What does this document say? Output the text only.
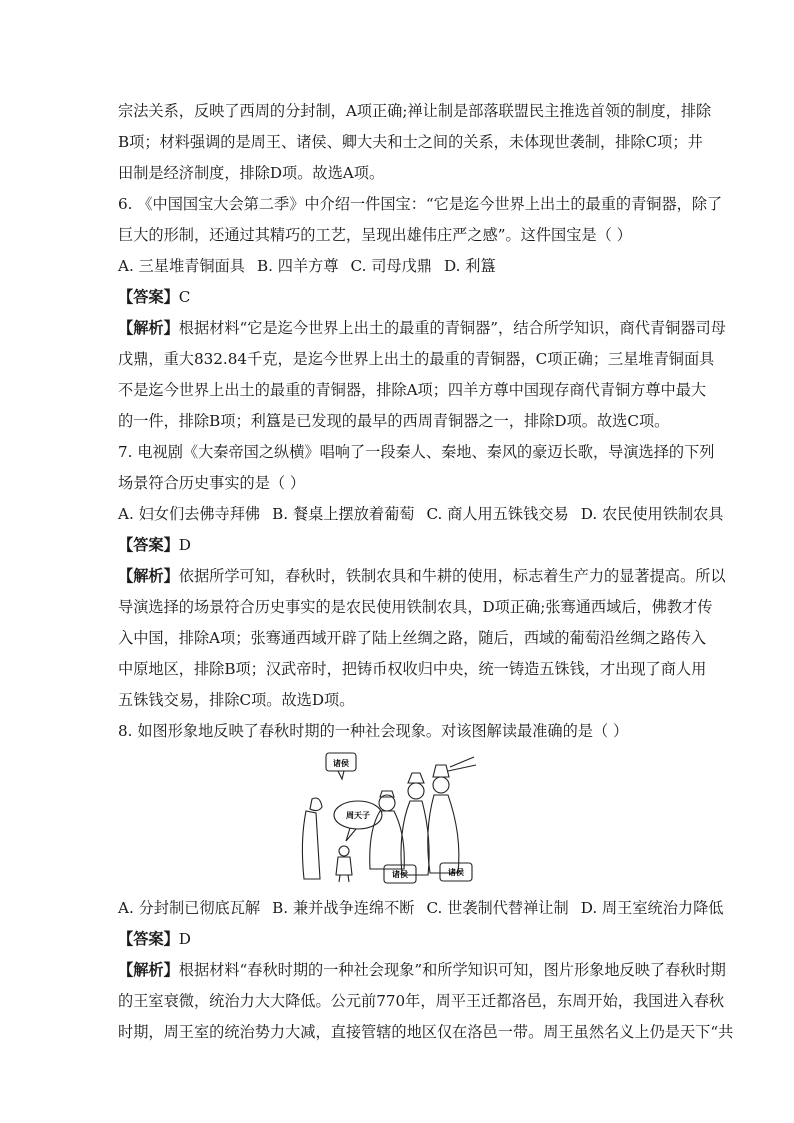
宗法关系，反映了西周的分封制，A项正确;禅让制是部落联盟民主推选首领的制度，排除
B项；材料强调的是周王、诸侯、卿大夫和士之间的关系，未体现世袭制，排除C项；井
田制是经济制度，排除D项。故选A项。
6. 《中国国宝大会第二季》中介绍一件国宝：“它是迄今世界上出土的最重的青铜器，除了
巨大的形制，还通过其精巧的工艺，呈现出雄伟庄严之感”。这件国宝是（ ）
A. 三星堆青铜面具 B. 四羊方尊 C. 司母戊鼎 D. 利簋
【答案】C
【解析】根据材料“它是迄今世界上出土的最重的青铜器”，结合所学知识，商代青铜器司母
戊鼎，重大832.84千克，是迄今世界上出土的最重的青铜器，C项正确；三星堆青铜面具
不是迄今世界上出土的最重的青铜器，排除A项；四羊方尊中国现存商代青铜方尊中最大
的一件，排除B项；利簋是已发现的最早的西周青铜器之一，排除D项。故选C项。
7. 电视剧《大秦帝国之纵横》唱响了一段秦人、秦地、秦风的豪迈长歌，导演选择的下列
场景符合历史事实的是（ ）
A. 妇女们去佛寺拜佛 B. 餐桌上摆放着葡萄 C. 商人用五铢钱交易 D. 农民使用铁制农具
【答案】D
【解析】依据所学可知，春秋时，铁制农具和牛耕的使用，标志着生产力的显著提高。所以
导演选择的场景符合历史事实的是农民使用铁制农具，D项正确;张骞通西域后，佛教才传
入中国，排除A项；张骞通西域开辟了陆上丝绸之路，随后，西域的葡萄沿丝绸之路传入
中原地区，排除B项；汉武帝时，把铸币权收归中央，统一铸造五铢钱，才出现了商人用
五铢钱交易，排除C项。故选D项。
8. 如图形象地反映了春秋时期的一种社会现象。对该图解读最准确的是（ ）
诸侯
周天子
诸侯	诸侯
A. 分封制已彻底瓦解 B. 兼并战争连绵不断 C. 世袭制代替禅让制 D. 周王室统治力降低
【答案】D
【解析】根据材料“春秋时期的一种社会现象”和所学知识可知，图片形象地反映了春秋时期
的王室衰微，统治力大大降低。公元前770年，周平王迁都洛邑，东周开始，我国进入春秋
时期，周王室的统治势力大减，直接管辖的地区仅在洛邑一带。周王虽然名义上仍是天下“共
